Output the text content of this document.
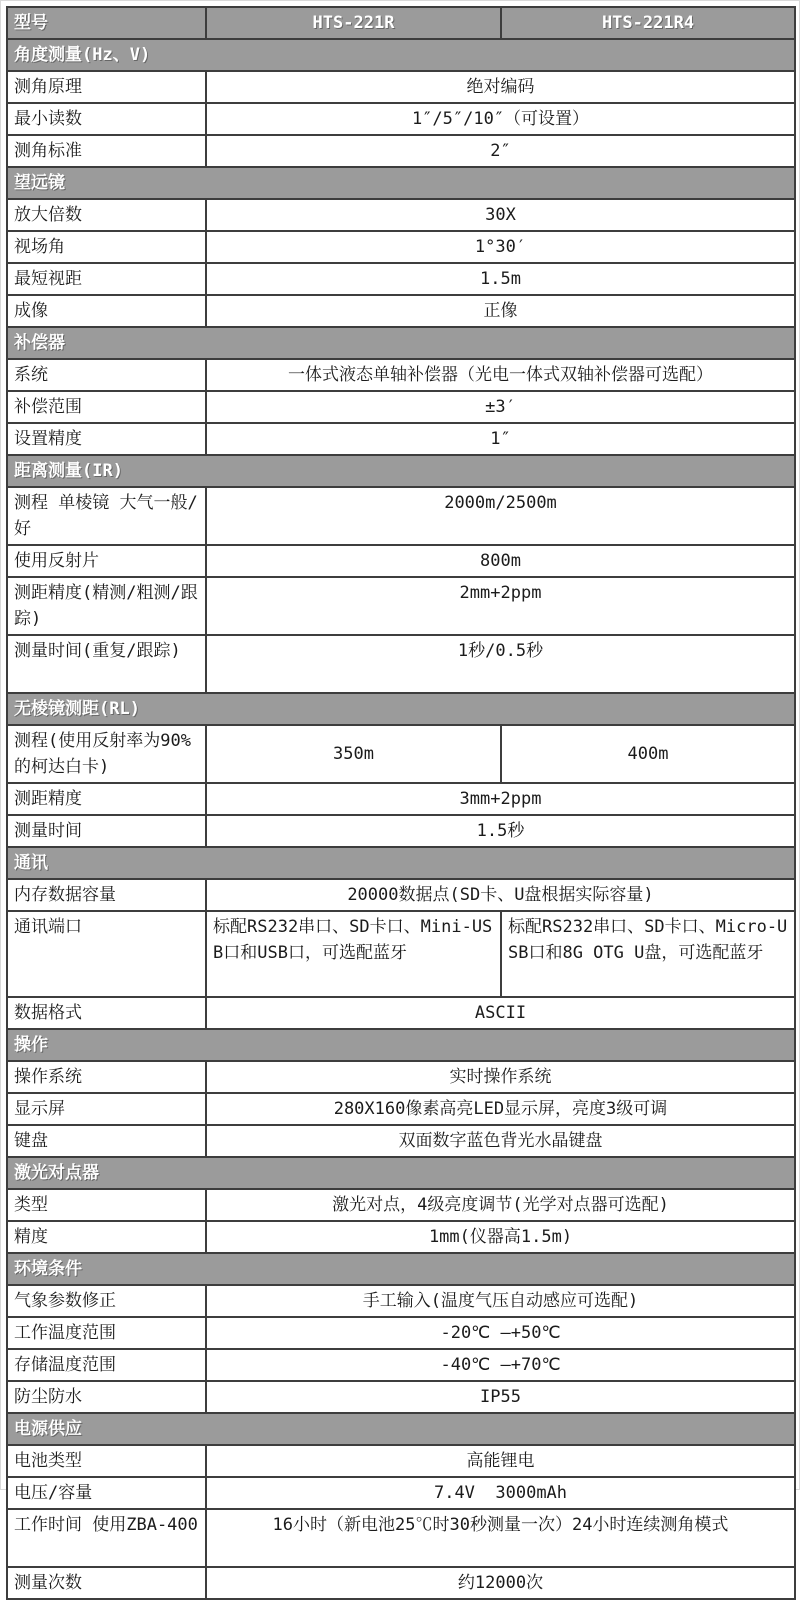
型号	HTS-221R	HTS-221R4
角度测量(Hz、V)		
测角原理	绝对编码	
最小读数	1″/5″/10″（可设置）	
测角标准	2″	
望远镜		
放大倍数	30X	
视场角	1°30′	
最短视距	1.5m	
成像	正像	
补偿器		
系统	一体式液态单轴补偿器（光电一体式双轴补偿器可选配）	
补偿范围	±3′	
设置精度	1″	
距离测量(IR)		
测程 单棱镜 大气一般/好	2000m/2500m	
使用反射片	800m	
测距精度(精测/粗测/跟踪)	2mm+2ppm	
测量时间(重复/跟踪)	1秒/0.5秒	
无棱镜测距(RL)		
测程(使用反射率为90%的柯达白卡)	350m	400m
测距精度	3mm+2ppm	
测量时间	1.5秒	
通讯		
内存数据容量	20000数据点(SD卡、U盘根据实际容量)	
通讯端口	标配RS232串口、SD卡口、Mini-USB口和USB口，可选配蓝牙	标配RS232串口、SD卡口、Micro-USB口和8G OTG U盘，可选配蓝牙
数据格式	ASCII	
操作		
操作系统	实时操作系统	
显示屏	280X160像素高亮LED显示屏，亮度3级可调	
键盘	双面数字蓝色背光水晶键盘	
激光对点器		
类型	激光对点，4级亮度调节(光学对点器可选配)	
精度	1mm(仪器高1.5m)	
环境条件		
气象参数修正	手工输入(温度气压自动感应可选配)	
工作温度范围	-20℃ —+50℃	
存储温度范围	-40℃ —+70℃	
防尘防水	IP55	
电源供应		
电池类型	高能锂电	
电压/容量	7.4V  3000mAh	
工作时间 使用ZBA-400	16小时（新电池25℃时30秒测量一次）24小时连续测角模式	
测量次数	约12000次	
